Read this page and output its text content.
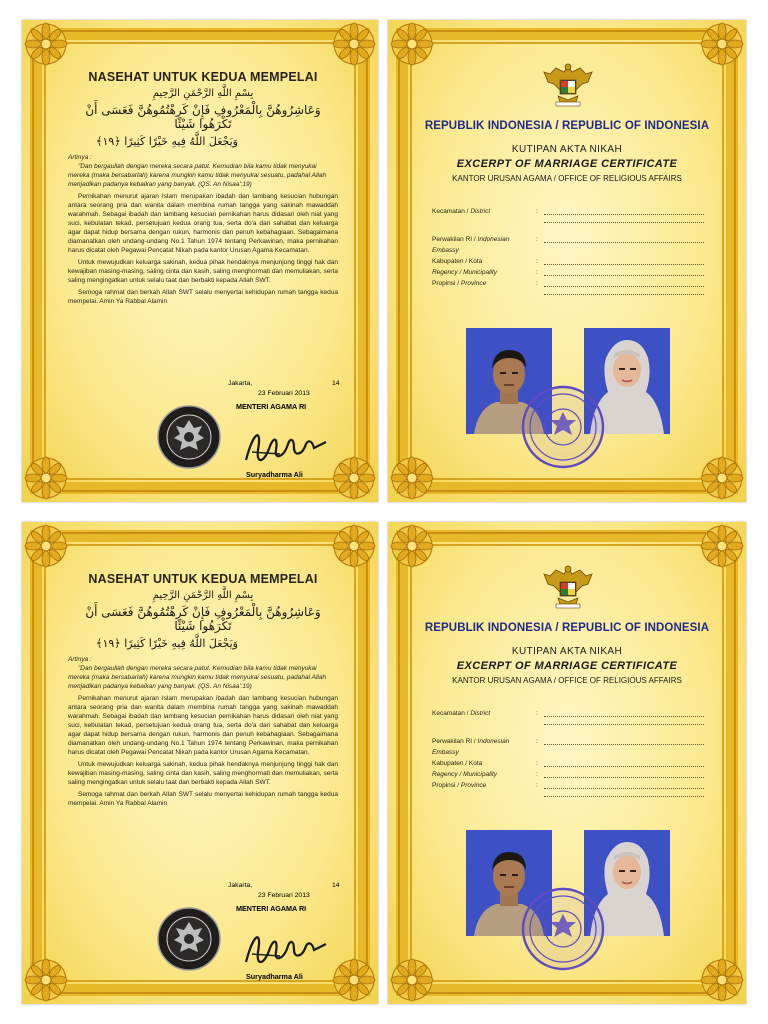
NASEHAT UNTUK KEDUA MEMPELAI
بِسْمِ اللَّهِ الرَّحْمَنِ الرَّحِيمِ
وَعَاشِرُوهُنَّ بِالْمَعْرُوفِ فَإِنْ كَرِهْتُمُوهُنَّ فَعَسَى أَنْ تَكْرَهُوا شَيْئًا
وَيَجْعَلَ اللَّهُ فِيهِ خَيْرًا كَثِيرًا ﴿١٩﴾
Artinya :
"Dan bergaullah dengan mereka secara patut. Kemudian bila kamu tidak menyukai mereka (maka bersabarlah) karena mungkin kamu tidak menyukai sesuatu, padahal Allah menjadikan padanya kebaikan yang banyak. (QS. An Nisaa':19)
Pernikahan menurut ajaran Islam merupakan ibadah dan lambang kesucian hubungan antara seorang pria dan wanita dalam membina rumah tangga yang sakinah mawaddah warahmah. Sebagai ibadah dan lambang kesucian pernikahan harus didasari oleh niat yang suci, kebulatan tekad, persetujuan kedua orang tua, serta do'a dari sahabat dan keluarga agar dapat hidup bersama dengan rukun, harmonis dan penuh kebahagiaan. Sebagaimana diamanatkan oleh undang-undang No.1 Tahun 1974 tentang Perkawinan, maka pernikahan harus dicatat oleh Pegawai Pencatat Nikah pada kantor Urusan Agama Kecamatan.
Untuk mewujudkan keluarga sakinah, kedua pihak hendaknya menjunjung tinggi hak dan kewajiban masing-masing, saling cinta dan kasih, saling menghormati dan memuliakan, serta saling mengingatkan untuk selalu taat dan berbakti kepada Allah SWT.
Semoga rahmat dan berkah Allah SWT selalu menyertai kehidupan rumah tangga kedua mempelai. Amin Ya Rabbal Alamin
Jakarta,	14
23 Februari 2013
MENTERI AGAMA RI
Suryadharma Ali
REPUBLIK INDONESIA / REPUBLIC OF INDONESIA
KUTIPAN AKTA NIKAH
EXCERPT OF MARRIAGE CERTIFICATE
KANTOR URUSAN AGAMA / OFFICE OF RELIGIOUS AFFAIRS
Kecamatan / District	:
Perwakilan RI / Indonesian	:
Embassy
Kabupaten / Kota	:
Regency / Municipality	:
Propinsi / Province	:
NASEHAT UNTUK KEDUA MEMPELAI
بِسْمِ اللَّهِ الرَّحْمَنِ الرَّحِيمِ
وَعَاشِرُوهُنَّ بِالْمَعْرُوفِ فَإِنْ كَرِهْتُمُوهُنَّ فَعَسَى أَنْ تَكْرَهُوا شَيْئًا
وَيَجْعَلَ اللَّهُ فِيهِ خَيْرًا كَثِيرًا ﴿١٩﴾
Artinya :
"Dan bergaullah dengan mereka secara patut. Kemudian bila kamu tidak menyukai mereka (maka bersabarlah) karena mungkin kamu tidak menyukai sesuatu, padahal Allah menjadikan padanya kebaikan yang banyak. (QS. An Nisaa':19)
Pernikahan menurut ajaran Islam merupakan ibadah dan lambang kesucian hubungan antara seorang pria dan wanita dalam membina rumah tangga yang sakinah mawaddah warahmah. Sebagai ibadah dan lambang kesucian pernikahan harus didasari oleh niat yang suci, kebulatan tekad, persetujuan kedua orang tua, serta do'a dari sahabat dan keluarga agar dapat hidup bersama dengan rukun, harmonis dan penuh kebahagiaan. Sebagaimana diamanatkan oleh undang-undang No.1 Tahun 1974 tentang Perkawinan, maka pernikahan harus dicatat oleh Pegawai Pencatat Nikah pada kantor Urusan Agama Kecamatan.
Untuk mewujudkan keluarga sakinah, kedua pihak hendaknya menjunjung tinggi hak dan kewajiban masing-masing, saling cinta dan kasih, saling menghormati dan memuliakan, serta saling mengingatkan untuk selalu taat dan berbakti kepada Allah SWT.
Semoga rahmat dan berkah Allah SWT selalu menyertai kehidupan rumah tangga kedua mempelai. Amin Ya Rabbal Alamin
Jakarta,	14
23 Februari 2013
MENTERI AGAMA RI
Suryadharma Ali
REPUBLIK INDONESIA / REPUBLIC OF INDONESIA
KUTIPAN AKTA NIKAH
EXCERPT OF MARRIAGE CERTIFICATE
KANTOR URUSAN AGAMA / OFFICE OF RELIGIOUS AFFAIRS
Kecamatan / District	:
Perwakilan RI / Indonesian	:
Embassy
Kabupaten / Kota	:
Regency / Municipality	:
Propinsi / Province	:
